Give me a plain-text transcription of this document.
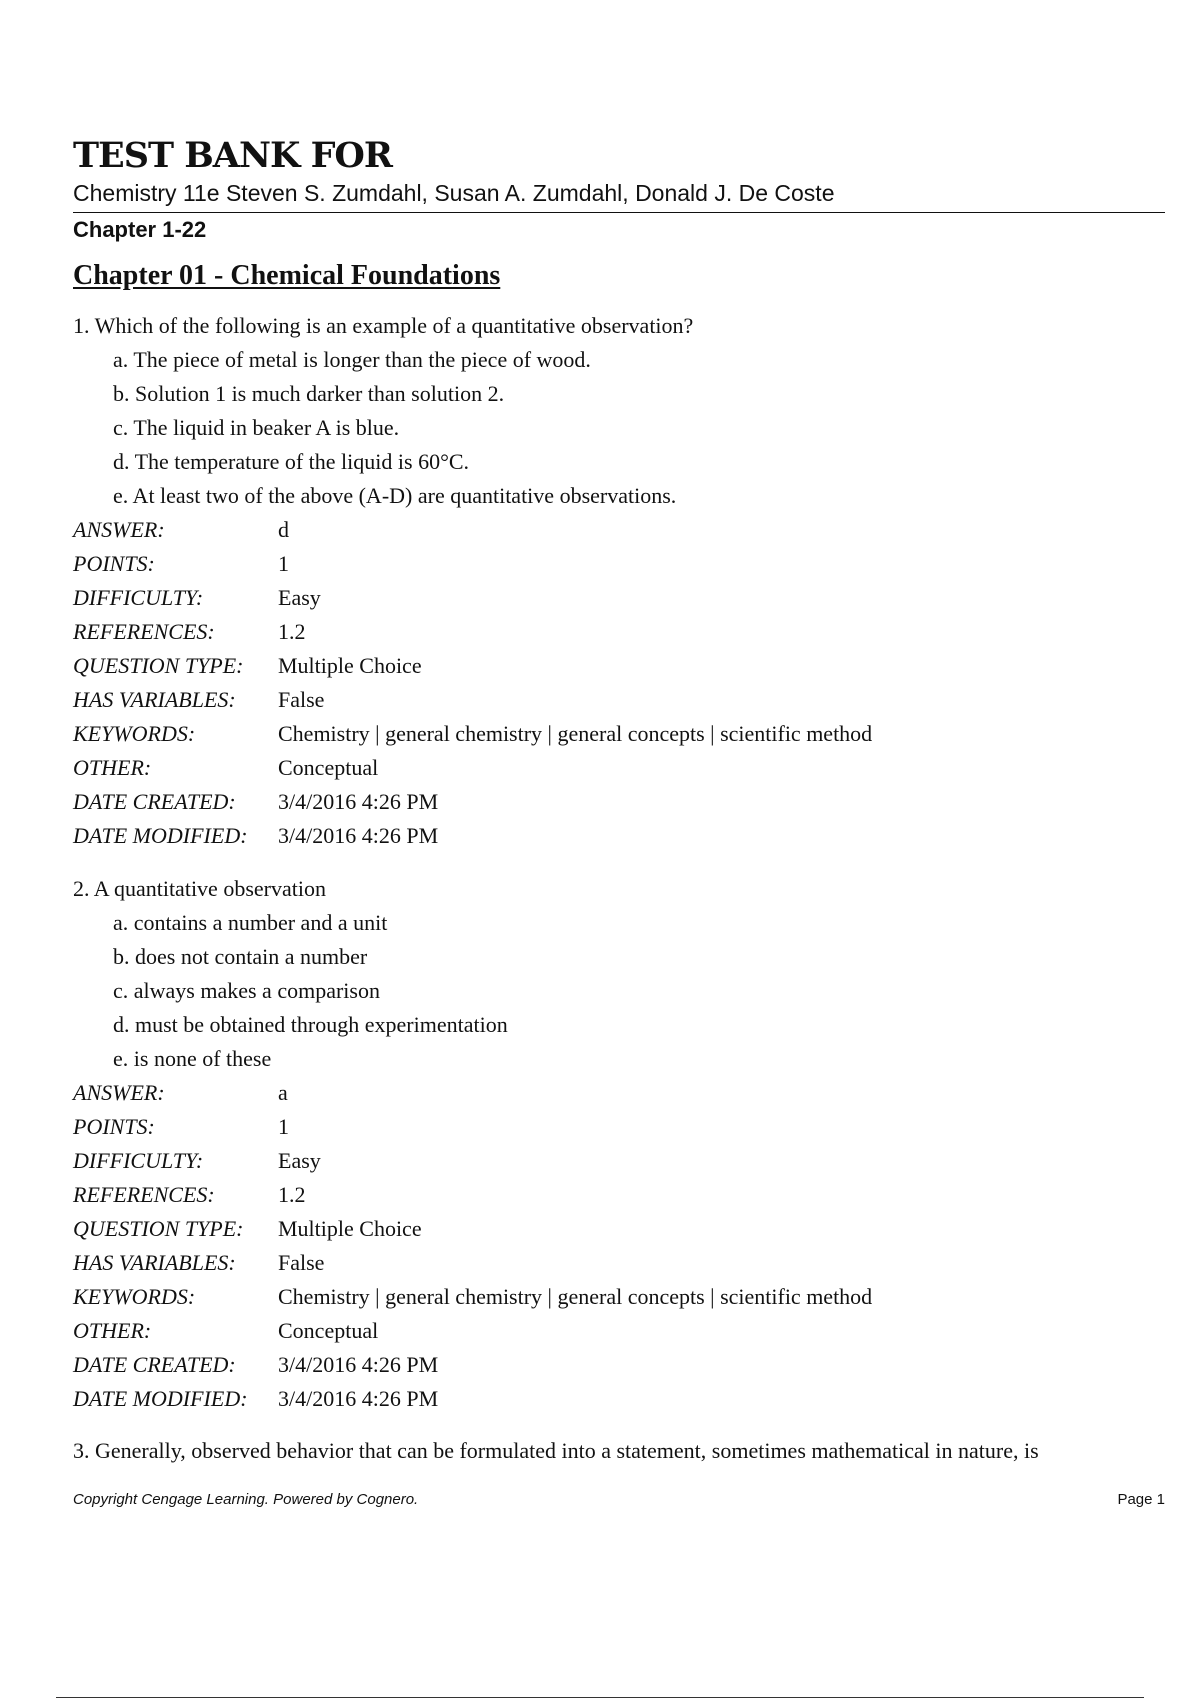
TEST BANK FOR
Chemistry 11e Steven S. Zumdahl, Susan A. Zumdahl, Donald J. De Coste
Chapter 1-22
Chapter 01 - Chemical Foundations
1. Which of the following is an example of a quantitative observation?
a. The piece of metal is longer than the piece of wood.
b. Solution 1 is much darker than solution 2.
c. The liquid in beaker A is blue.
d. The temperature of the liquid is 60°C.
e. At least two of the above (A-D) are quantitative observations.
ANSWER:	d
POINTS:	1
DIFFICULTY:	Easy
REFERENCES:	1.2
QUESTION TYPE:	Multiple Choice
HAS VARIABLES:	False
KEYWORDS:	Chemistry | general chemistry | general concepts | scientific method
OTHER:	Conceptual
DATE CREATED:	3/4/2016 4:26 PM
DATE MODIFIED:	3/4/2016 4:26 PM
2. A quantitative observation
a. contains a number and a unit
b. does not contain a number
c. always makes a comparison
d. must be obtained through experimentation
e. is none of these
ANSWER:	a
POINTS:	1
DIFFICULTY:	Easy
REFERENCES:	1.2
QUESTION TYPE:	Multiple Choice
HAS VARIABLES:	False
KEYWORDS:	Chemistry | general chemistry | general concepts | scientific method
OTHER:	Conceptual
DATE CREATED:	3/4/2016 4:26 PM
DATE MODIFIED:	3/4/2016 4:26 PM
3. Generally, observed behavior that can be formulated into a statement, sometimes mathematical in nature, is
Copyright Cengage Learning. Powered by Cognero.	Page 1
